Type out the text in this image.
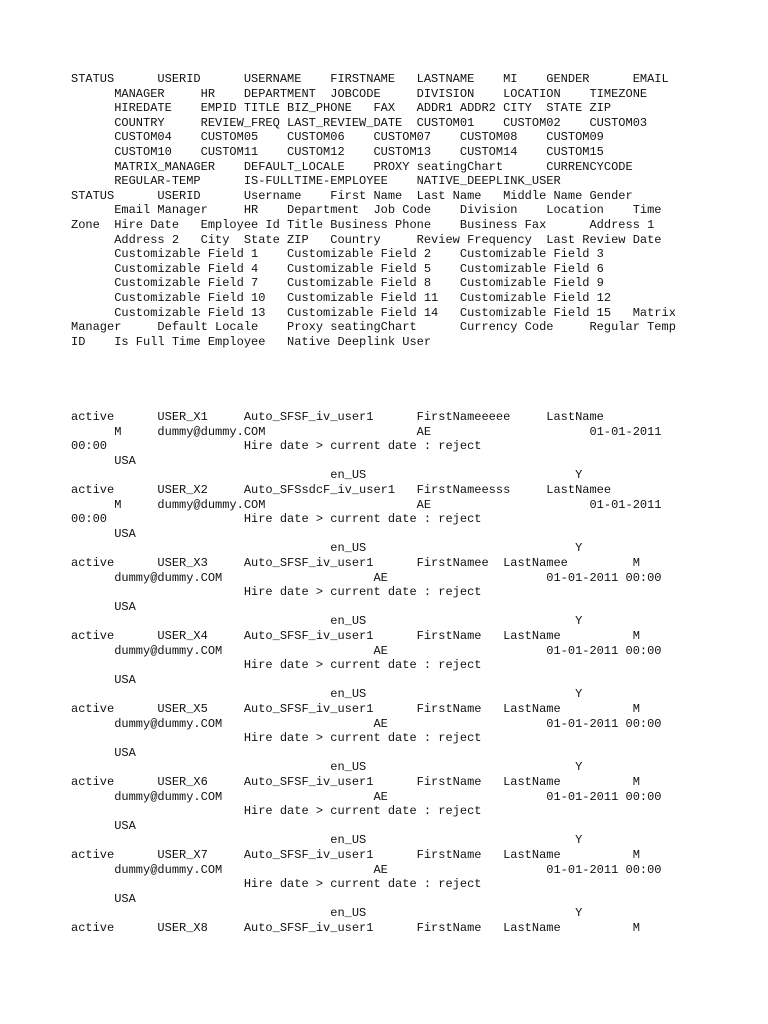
STATUS      USERID      USERNAME    FIRSTNAME   LASTNAME    MI    GENDER      EMAIL
MANAGER     HR    DEPARTMENT  JOBCODE     DIVISION    LOCATION    TIMEZONE
HIREDATE    EMPID TITLE BIZ_PHONE   FAX   ADDR1 ADDR2 CITY  STATE ZIP
COUNTRY     REVIEW_FREQ LAST_REVIEW_DATE  CUSTOM01    CUSTOM02    CUSTOM03
CUSTOM04    CUSTOM05    CUSTOM06    CUSTOM07    CUSTOM08    CUSTOM09
CUSTOM10    CUSTOM11    CUSTOM12    CUSTOM13    CUSTOM14    CUSTOM15
MATRIX_MANAGER    DEFAULT_LOCALE    PROXY seatingChart      CURRENCYCODE
REGULAR-TEMP      IS-FULLTIME-EMPLOYEE    NATIVE_DEEPLINK_USER
STATUS      USERID      Username    First Name  Last Name   Middle Name Gender
Email Manager     HR    Department  Job Code    Division    Location    Time
Zone  Hire Date   Employee Id Title Business Phone    Business Fax      Address 1
Address 2   City  State ZIP   Country     Review Frequency  Last Review Date
Customizable Field 1    Customizable Field 2    Customizable Field 3
Customizable Field 4    Customizable Field 5    Customizable Field 6
Customizable Field 7    Customizable Field 8    Customizable Field 9
Customizable Field 10   Customizable Field 11   Customizable Field 12
Customizable Field 13   Customizable Field 14   Customizable Field 15   Matrix
Manager     Default Locale    Proxy seatingChart      Currency Code     Regular Temp
ID    Is Full Time Employee   Native Deeplink User
active      USER_X1     Auto_SFSF_iv_user1      FirstNameeeee     LastName
M     dummy@dummy.COM                     AE                      01-01-2011
00:00                   Hire date > current date : reject
USA
en_US                             Y
active      USER_X2     Auto_SFSsdcF_iv_user1   FirstNameesss     LastNamee
M     dummy@dummy.COM                     AE                      01-01-2011
00:00                   Hire date > current date : reject
USA
en_US                             Y
active      USER_X3     Auto_SFSF_iv_user1      FirstNamee  LastNamee         M
dummy@dummy.COM                     AE                      01-01-2011 00:00
Hire date > current date : reject
USA
en_US                             Y
active      USER_X4     Auto_SFSF_iv_user1      FirstName   LastName          M
dummy@dummy.COM                     AE                      01-01-2011 00:00
Hire date > current date : reject
USA
en_US                             Y
active      USER_X5     Auto_SFSF_iv_user1      FirstName   LastName          M
dummy@dummy.COM                     AE                      01-01-2011 00:00
Hire date > current date : reject
USA
en_US                             Y
active      USER_X6     Auto_SFSF_iv_user1      FirstName   LastName          M
dummy@dummy.COM                     AE                      01-01-2011 00:00
Hire date > current date : reject
USA
en_US                             Y
active      USER_X7     Auto_SFSF_iv_user1      FirstName   LastName          M
dummy@dummy.COM                     AE                      01-01-2011 00:00
Hire date > current date : reject
USA
en_US                             Y
active      USER_X8     Auto_SFSF_iv_user1      FirstName   LastName          M
